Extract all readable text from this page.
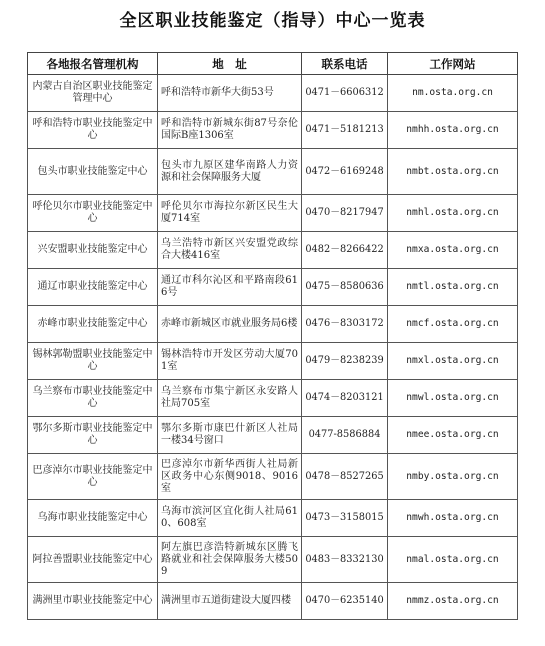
全区职业技能鉴定（指导）中心一览表
各地报名管理机构	地　址	联系电话	工作网站
内蒙古自治区职业技能鉴定管理中心	呼和浩特市新华大街53号	0471－6606312	nm.osta.org.cn
呼和浩特市职业技能鉴定中心	呼和浩特市新城东街87号奈伦国际B座1306室	0471－5181213	nmhh.osta.org.cn
包头市职业技能鉴定中心	包头市九原区建华南路人力资源和社会保障服务大厦	0472－6169248	nmbt.osta.org.cn
呼伦贝尔市职业技能鉴定中心	呼伦贝尔市海拉尔新区民生大厦714室	0470－8217947	nmhl.osta.org.cn
兴安盟职业技能鉴定中心	乌兰浩特市新区兴安盟党政综合大楼416室	0482－8266422	nmxa.osta.org.cn
通辽市职业技能鉴定中心	通辽市科尔沁区和平路南段616号	0475－8580636	nmtl.osta.org.cn
赤峰市职业技能鉴定中心	赤峰市新城区市就业服务局6楼	0476－8303172	nmcf.osta.org.cn
锡林郭勒盟职业技能鉴定中心	锡林浩特市开发区劳动大厦701室	0479－8238239	nmxl.osta.org.cn
乌兰察布市职业技能鉴定中心	乌兰察布市集宁新区永安路人社局705室	0474－8203121	nmwl.osta.org.cn
鄂尔多斯市职业技能鉴定中心	鄂尔多斯市康巴什新区人社局一楼34号窗口	0477-8586884	nmee.osta.org.cn
巴彦淖尔市职业技能鉴定中心	巴彦淖尔市新华西街人社局新区政务中心东侧9018、9016室	0478－8527265	nmby.osta.org.cn
乌海市职业技能鉴定中心	乌海市滨河区宜化街人社局610、608室	0473－3158015	nmwh.osta.org.cn
阿拉善盟职业技能鉴定中心	阿左旗巴彦浩特新城东区腾飞路就业和社会保障服务大楼509	0483－8332130	nmal.osta.org.cn
满洲里市职业技能鉴定中心	满洲里市五道街建设大厦四楼	0470－6235140	nmmz.osta.org.cn
